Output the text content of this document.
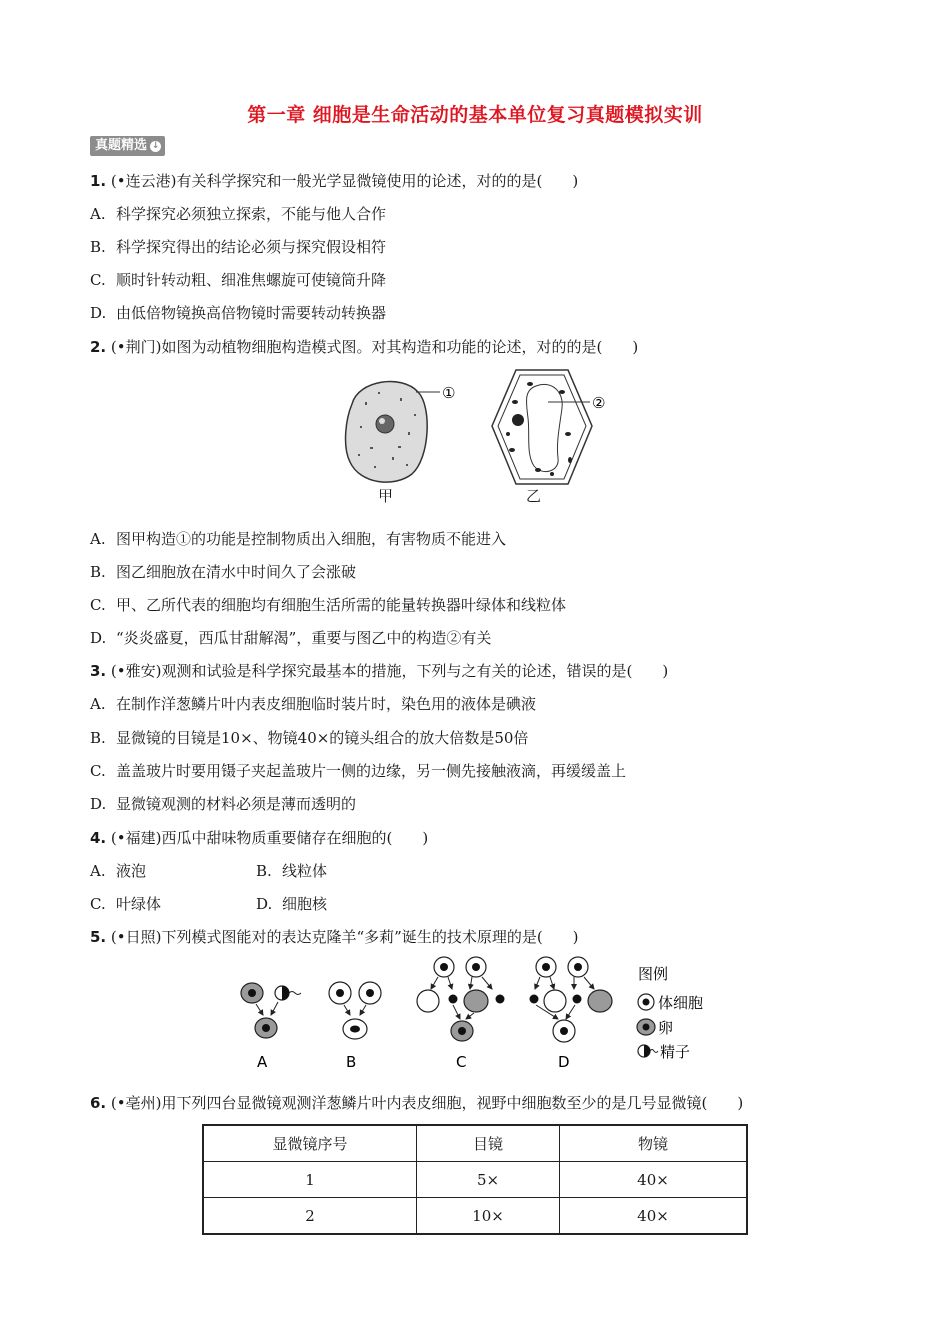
第一章 细胞是生命活动的基本单位复习真题模拟实训
真题精选 ↓
1. (•连云港)有关科学探究和一般光学显微镜使用的论述，对的的是(　　)
A. 科学探究必须独立探索，不能与他人合作
B. 科学探究得出的结论必须与探究假设相符
C. 顺时针转动粗、细准焦螺旋可使镜筒升降
D. 由低倍物镜换高倍物镜时需要转动转换器
2. (•荆门)如图为动植物细胞构造模式图。对其构造和功能的论述，对的的是(　　)
①
②
甲	乙
A. 图甲构造①的功能是控制物质出入细胞，有害物质不能进入
B. 图乙细胞放在清水中时间久了会涨破
C. 甲、乙所代表的细胞均有细胞生活所需的能量转换器叶绿体和线粒体
D. “炎炎盛夏，西瓜甘甜解渴”，重要与图乙中的构造②有关
3. (•雅安)观测和试验是科学探究最基本的措施，下列与之有关的论述，错误的是(　　)
A. 在制作洋葱鳞片叶内表皮细胞临时装片时，染色用的液体是碘液
B. 显微镜的目镜是10×、物镜40×的镜头组合的放大倍数是50倍
C. 盖盖玻片时要用镊子夹起盖玻片一侧的边缘，另一侧先接触液滴，再缓缓盖上
D. 显微镜观测的材料必须是薄而透明的
4. (•福建)西瓜中甜味物质重要储存在细胞的(　　)
A. 液泡	B. 线粒体
C. 叶绿体	D. 细胞核
5. (•日照)下列模式图能对的表达克隆羊“多莉”诞生的技术原理的是(　　)
A	B	C	D
图例
体细胞
卵
精子
6. (•亳州)用下列四台显微镜观测洋葱鳞片叶内表皮细胞，视野中细胞数至少的是几号显微镜(　　)
显微镜序号	目镜	物镜
1	5×	40×
2	10×	40×
